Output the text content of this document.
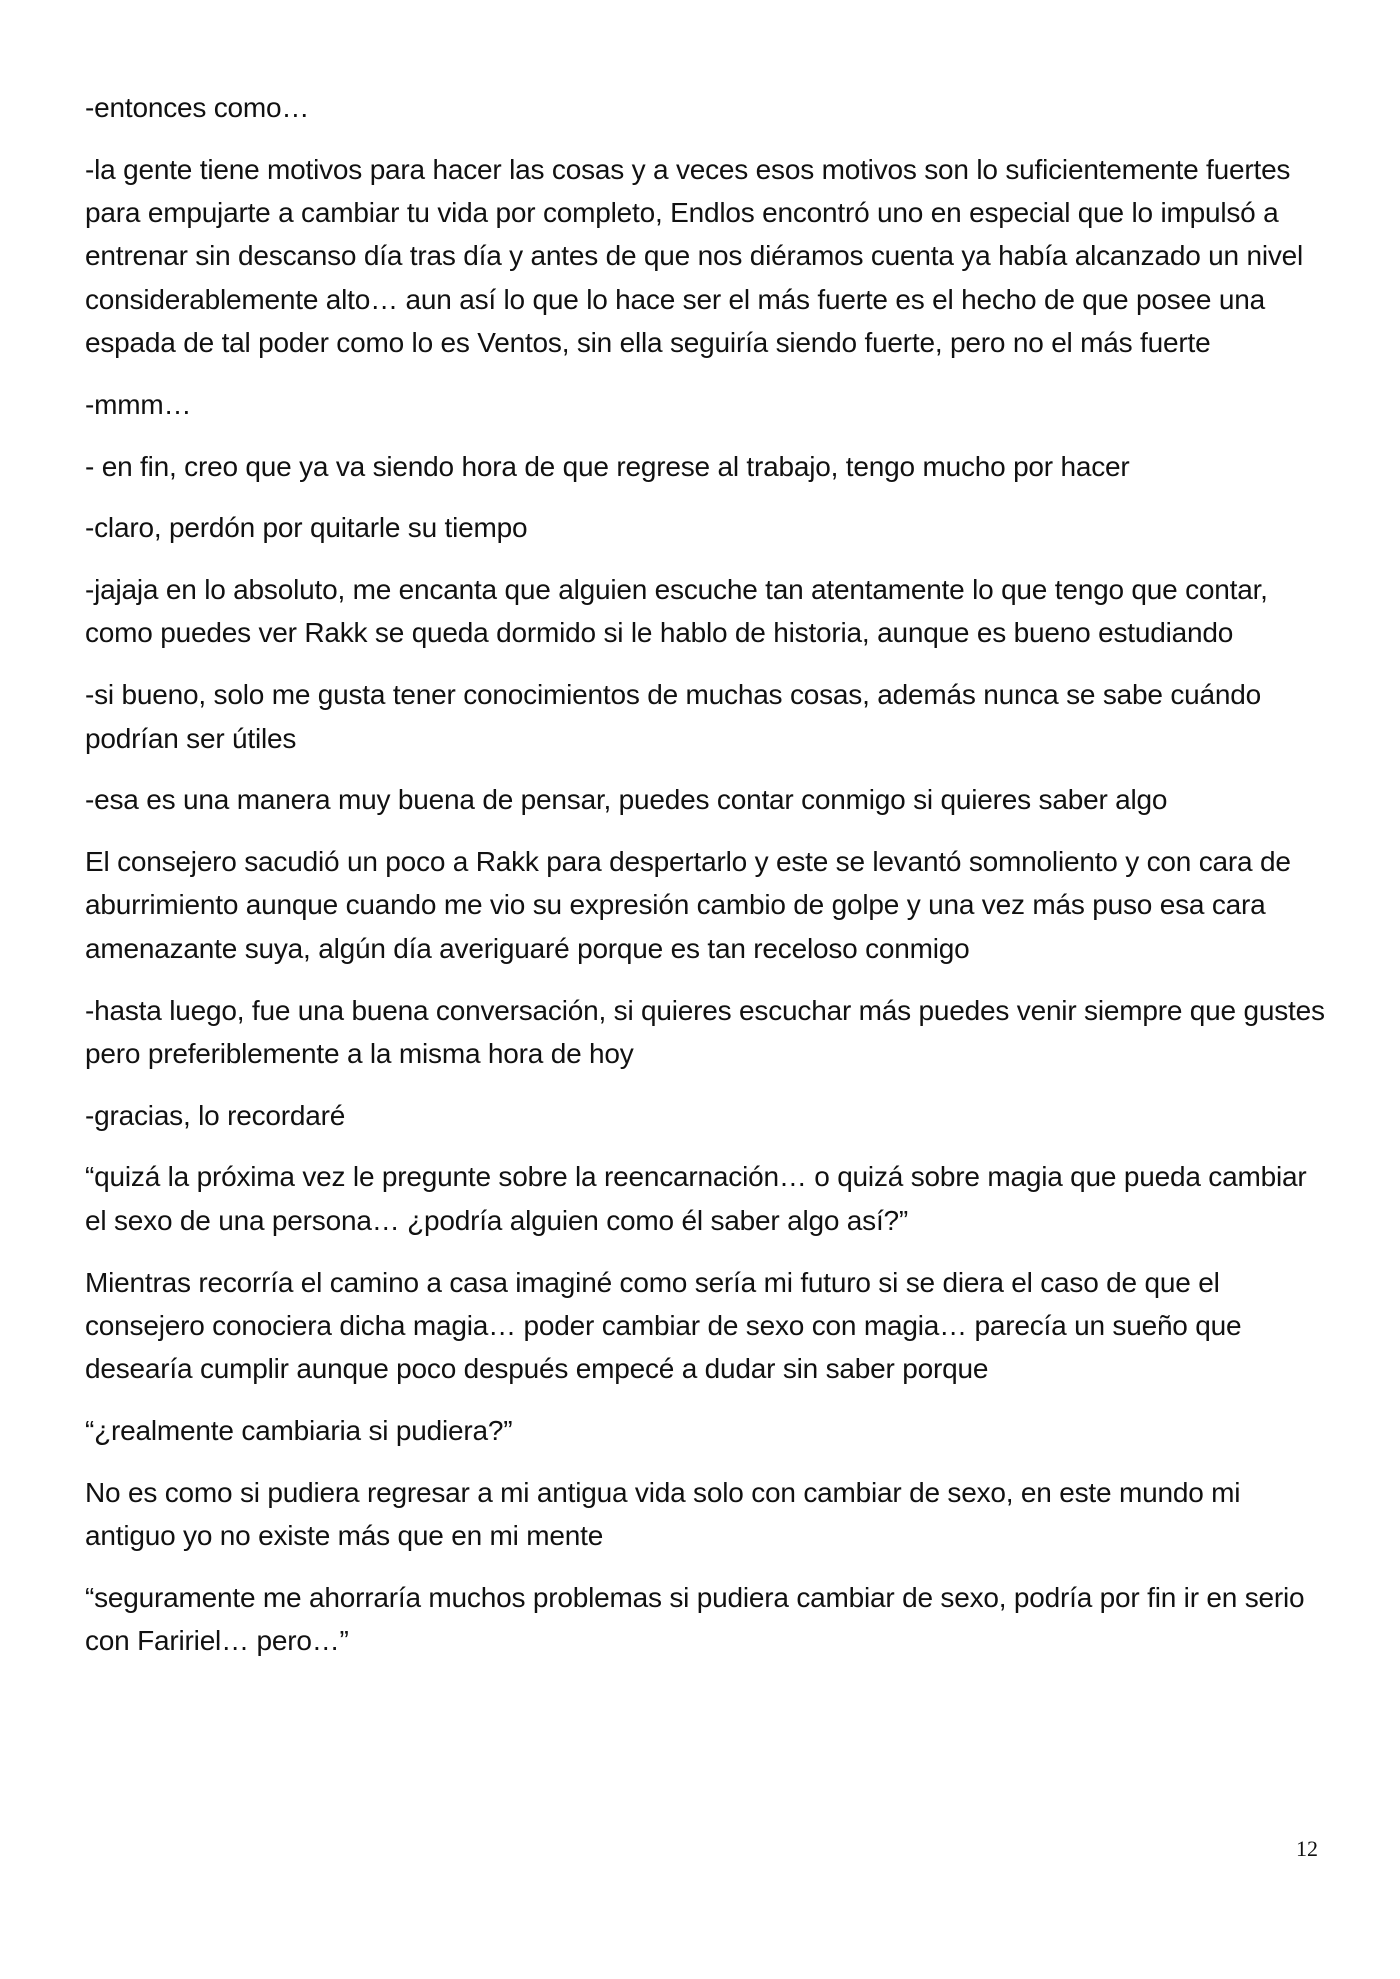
-entonces como…

-la gente tiene motivos para hacer las cosas y a veces esos motivos son lo suficientemente fuertes para empujarte a cambiar tu vida por completo, Endlos encontró uno en especial que lo impulsó a entrenar sin descanso día tras día y antes de que nos diéramos cuenta ya había alcanzado un nivel considerablemente alto… aun así lo que lo hace ser el más fuerte es el hecho de que posee una espada de tal poder como lo es Ventos, sin ella seguiría siendo fuerte, pero no el más fuerte

-mmm…

- en fin, creo que ya va siendo hora de que regrese al trabajo, tengo mucho por hacer

-claro, perdón por quitarle su tiempo

-jajaja en lo absoluto, me encanta que alguien escuche tan atentamente lo que tengo que contar, como puedes ver Rakk se queda dormido si le hablo de historia, aunque es bueno estudiando

-si bueno, solo me gusta tener conocimientos de muchas cosas, además nunca se sabe cuándo podrían ser útiles

-esa es una manera muy buena de pensar, puedes contar conmigo si quieres saber algo

El consejero sacudió un poco a Rakk para despertarlo y este se levantó somnoliento y con cara de aburrimiento aunque cuando me vio su expresión cambio de golpe y una vez más puso esa cara amenazante suya, algún día averiguaré porque es tan receloso conmigo

-hasta luego, fue una buena conversación, si quieres escuchar más puedes venir siempre que gustes pero preferiblemente a la misma hora de hoy

-gracias, lo recordaré

“quizá la próxima vez le pregunte sobre la reencarnación… o quizá sobre magia que pueda cambiar el sexo de una persona… ¿podría alguien como él saber algo así?”

Mientras recorría el camino a casa imaginé como sería mi futuro si se diera el caso de que el consejero conociera dicha magia… poder cambiar de sexo con magia… parecía un sueño que desearía cumplir aunque poco después empecé a dudar sin saber porque

“¿realmente cambiaria si pudiera?”

No es como si pudiera regresar a mi antigua vida solo con cambiar de sexo, en este mundo mi antiguo yo no existe más que en mi mente

“seguramente me ahorraría muchos problemas si pudiera cambiar de sexo, podría por fin ir en serio con Faririel… pero…”

12
